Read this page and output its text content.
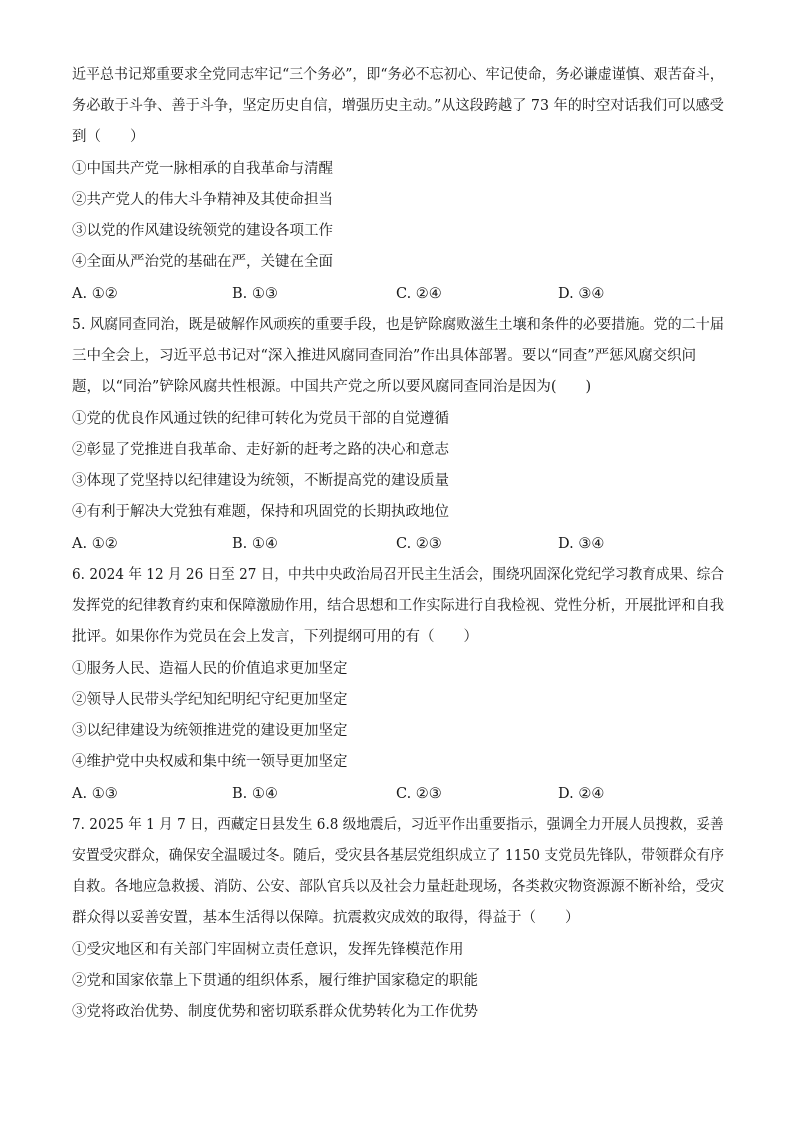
近平总书记郑重要求全党同志牢记“三个务必”，即“务必不忘初心、牢记使命，务必谦虚谨慎、艰苦奋斗，
务必敢于斗争、善于斗争，坚定历史自信，增强历史主动。”从这段跨越了 73 年的时空对话我们可以感受
到（　　）
①中国共产党一脉相承的自我革命与清醒
②共产党人的伟大斗争精神及其使命担当
③以党的作风建设统领党的建设各项工作
④全面从严治党的基础在严，关键在全面
A. ①②	B. ①③	C. ②④	D. ③④
5. 风腐同查同治，既是破解作风顽疾的重要手段，也是铲除腐败滋生土壤和条件的必要措施。党的二十届
三中全会上，习近平总书记对“深入推进风腐同查同治”作出具体部署。要以“同查”严惩风腐交织问
题，以“同治”铲除风腐共性根源。中国共产党之所以要风腐同查同治是因为(　　)
①党的优良作风通过铁的纪律可转化为党员干部的自觉遵循
②彰显了党推进自我革命、走好新的赶考之路的决心和意志
③体现了党坚持以纪律建设为统领，不断提高党的建设质量
④有利于解决大党独有难题，保持和巩固党的长期执政地位
A. ①②	B. ①④	C. ②③	D. ③④
6. 2024 年 12 月 26 日至 27 日，中共中央政治局召开民主生活会，围绕巩固深化党纪学习教育成果、综合
发挥党的纪律教育约束和保障激励作用，结合思想和工作实际进行自我检视、党性分析，开展批评和自我
批评。如果你作为党员在会上发言，下列提纲可用的有（　　）
①服务人民、造福人民的价值追求更加坚定
②领导人民带头学纪知纪明纪守纪更加坚定
③以纪律建设为统领推进党的建设更加坚定
④维护党中央权威和集中统一领导更加坚定
A. ①③	B. ①④	C. ②③	D. ②④
7. 2025 年 1 月 7 日，西藏定日县发生 6.8 级地震后，习近平作出重要指示，强调全力开展人员搜救，妥善
安置受灾群众，确保安全温暖过冬。随后，受灾县各基层党组织成立了 1150 支党员先锋队，带领群众有序
自救。各地应急救援、消防、公安、部队官兵以及社会力量赶赴现场，各类救灾物资源源不断补给，受灾
群众得以妥善安置，基本生活得以保障。抗震救灾成效的取得，得益于（　　）
①受灾地区和有关部门牢固树立责任意识，发挥先锋模范作用
②党和国家依靠上下贯通的组织体系，履行维护国家稳定的职能
③党将政治优势、制度优势和密切联系群众优势转化为工作优势
